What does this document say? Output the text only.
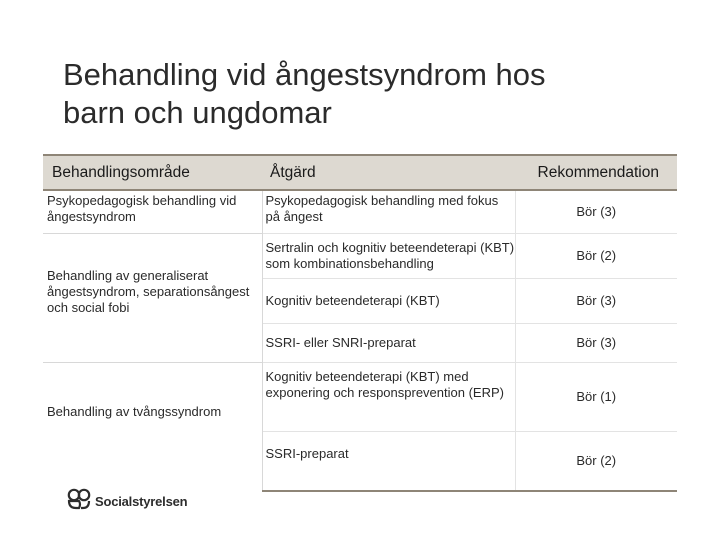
Behandling vid ångestsyndrom hos
barn och ungdomar
Behandlingsområde	Åtgärd	Rekommendation
Psykopedagogisk behandling vid ångestsyndrom	Psykopedagogisk behandling med fokus på ångest	Bör (3)
Behandling av generaliserat ångestsyndrom, separationsångest och social fobi	Sertralin och kognitiv beteendeterapi (KBT) som kombinationsbehandling	Bör (2)
	Kognitiv beteendeterapi (KBT)	Bör (3)
	SSRI- eller SNRI-preparat	Bör (3)
Behandling av tvångssyndrom	Kognitiv beteendeterapi (KBT) med exponering och responsprevention (ERP)	Bör (1)
	SSRI-preparat	Bör (2)
Socialstyrelsen
